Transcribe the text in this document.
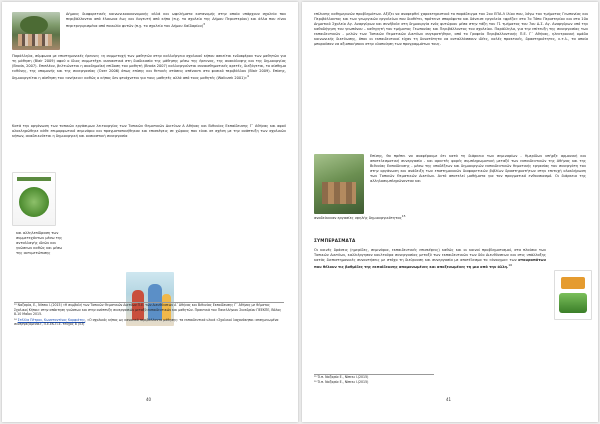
Δήμους διαφορετικές κοινωνικοοικονομικής αλλά και ωφελήματα κατανομής στην οποία υπάρχουν σχολεία που περιβάλλονται από έλαιωνα έως και Λογευτή από κήπο (π.χ. το σχολείο της Δήμου Περιστερίου) και άλλα που είναι περιτριγυρισμένα από ποικιλία φυτών (π.χ. το σχολείο του Δήμου Χαϊδαρίου)$^3$

Παράλληλα, σύμφωνα με επιστημονικές έρευνες «η συμμετοχή των μαθητών στην καλλιέργεια σχολικού κήπου ασκείται ενδιαφέρον των μαθητών για τη μάθηση (Blair 2009) αφού ο ίδιος συμμετέχει ουσιαστικά στη διαδικασία της μάθησης μέσω της έρευνας, της ανακάλυψης και της δημιουργίας (Broda, 2007). Επιπλέον, βελτιώνεται η ακαδημαϊκή επίδοση του μαθητή (Broda 2007) καλλιεργούνται συναισθηματικές αρετές, διεξάγεται, το αίσθημα ευθύνης, της υπομονής και της συνεργασίας (Ozer 2006) όπως επίσης και θετικές στάσεις απέναντι στο φυσικό περιβάλλον (Blair 2009). Επίσης, δημιουργείται η αίσθηση του «ανήκειν» καθώς ο κήπος δεν φτιάχνεται για τους μαθητές αλλά από τους μαθητές (Waliczek 2001)»$^4$

Κατά την οργάνωση των τοπικών εργάσιμων λειτουργίας των Τοπικών Θεματικών Δικτύων Α Αθήνας και Βιθυνίας Εκπαίδευσης Γ΄ Αθήνας και αφού ολοκληρώθηκε κάθε επιμορφωτικό σεμινάριο και πραγματοποιήθηκαν και επισκέψεις σε χώρους που είναι σε σχέση με την ανάπτυξη των σχολικών κήπων, αναδεικνύεται η δημιουργική και ουσιαστική συνεργασία

και αλληλεπίδραση των συμμετεχόντων μέσω της ανταλλαγής ιδεών και γνώσεων καθώς και μέσω της αντιμετώπισης

¹³ Ναζαρία, Ε., Νίπεκι Ι.(2015) «Η συμβολή των Τοπικών Θεματικών Δικτύων Π.Ε. των Διευθύνσεων Α΄ Αθήνας και Βιθυνίας Εκπαίδευσης Γ΄ Αθήνας με θέματος Σχολικοί Κήποι» στην απόκτηση γνώσεων και στην ανάπτυξη συνεργασιών μεταξύ εκπαιδευτικών και μαθητών. Πρακτικά του Πανελλήνιου Συνεδρίου ΠΕΕΚΠΕ, Βόλος 8-10 Μαΐου 2015.
¹⁴ Στέλλα Πέτρου, Κωνσταντίνος Κορφιάτης, «Ο σχολικός κήπος ως κανονικό περιβάλλοντα μάθησης: τα εκπαιδευτικά υλικά «Σχολικοί λαχανόκηποι: σεσημειωμένα συνεργαζόμενοι», Π.Ε.ΕΚ.Π.Ε. τεύχος 8 (53)
40

επίλυσης καθημερινών προβλημάτων. Αξίζει να αναφερθεί χαρακτηριστικό το παράδειγμα του 2ου ΕΠΑ.Λ Ιλίου που, λόγω του τμήματος Γεωπονίας και Περιβάλλοντος και των γεωργικών εργαλείων που διαθέτει, πρότεινε σπορόφυτα και δάνεισε εργαλεία «φρέζα» στο 7ο Τόπο Περιστερίου και στο 10ο Δημοτικό Σχολείο Αγ. Αναργύρων και συνέβαλε στη δημιουργία ενός φυτώριου μέσα στην τάξη του Γ1 τμήματος του 7ου Δ.Σ. Αγ. Αναργύρων υπό την καθοδήγηση του γεωπόνου – καθηγητή του τμήματος Γεωπονίας και Περιβάλλοντος του σχολείου. Παράλληλα, για την επίτευξη της συνεργασίας των εκπαιδευτικών - μελών των Τοπικών Θεματικών Δικτύων συγκροτήθηκε, από το Γραφείο Περιβαλλοντικής Π.Ε. Γ΄ Αθήνας, ηλεκτρονική ομάδα κοινωνικής δικτύωσης, όπου οι εκπαιδευτικοί είχαν τη δυνατότητα να ανταλλάσσουν ιδέες, καλές πρακτικές, δραστηριότητες, κ.τ.λ., τα οποία μπορούσαν να αξιοποιήσουν στην υλοποίηση των προγραμμάτων τους.

Επίσης, θα πρέπει να αναφέρουμε ότι κατά τη διάρκεια των σεμιναρίων - Ημερίδων υπήρξε αρμονική και αποτελεσματική συνεργασία - και αρκετές φορές συμπληρωματική μεταξύ των εκπαιδευτικών της Αθήνας και της Βιθυνίας Εκπαίδευσης - μέσω της υποδέξεων και δημιουργιών εκπαιδευτικών θεματικής εργασίας του συνεργάτη του στην οργάνωση και ανάδειξη των επιστημονικών διαφορετικών βιβλίων δραστηριοτήτων στην επιτυχή ολοκλήρωση των Τοπικών Θεματικών Δικτύων. Αυτό αποτελεί μαθήματα για τον πραγματικό ενθουσιασμό. Οι διάρκεια της αλληλοσυμπληρώνονταν και

αναδείκνυαν εργασίες υψηλής δημιουργικότητας$^{15}$
ΣΥΜΠΕΡΑΣΜΑΤΑ

Οι κοινές δράσεις (ημερίδες, σεμινάρια, εκπαιδευτικές επισκέψεις) καθώς και οι κοινοί προβληματισμοί, στα πλαίσια των Τοπικών Δικτύων, καλλιέργησαν κουλτούρα συνεργασίας μεταξύ των εκπαιδευτικών των δύο Διευθύνσεων και στις υπάλλαξης κατάς διεπιστημονικές συναντήσεις με στόχο τη διεύρυνση και συνεργασία με αποτέλεσμα το «άνοιγμα» των σταυροπότων που θέλουν τις βαθμίδες της εκπαίδευσης απομονωμένες και αποξενωμένες τη μια από την άλλη.$^{16}$

¹⁵ Ό.π. Ναζαρία Ε., Νίπεκι Ι.(2015)
¹⁶ Ό.π. Ναζαρία Ε., Νίπεκι Ι.(2015)
41
